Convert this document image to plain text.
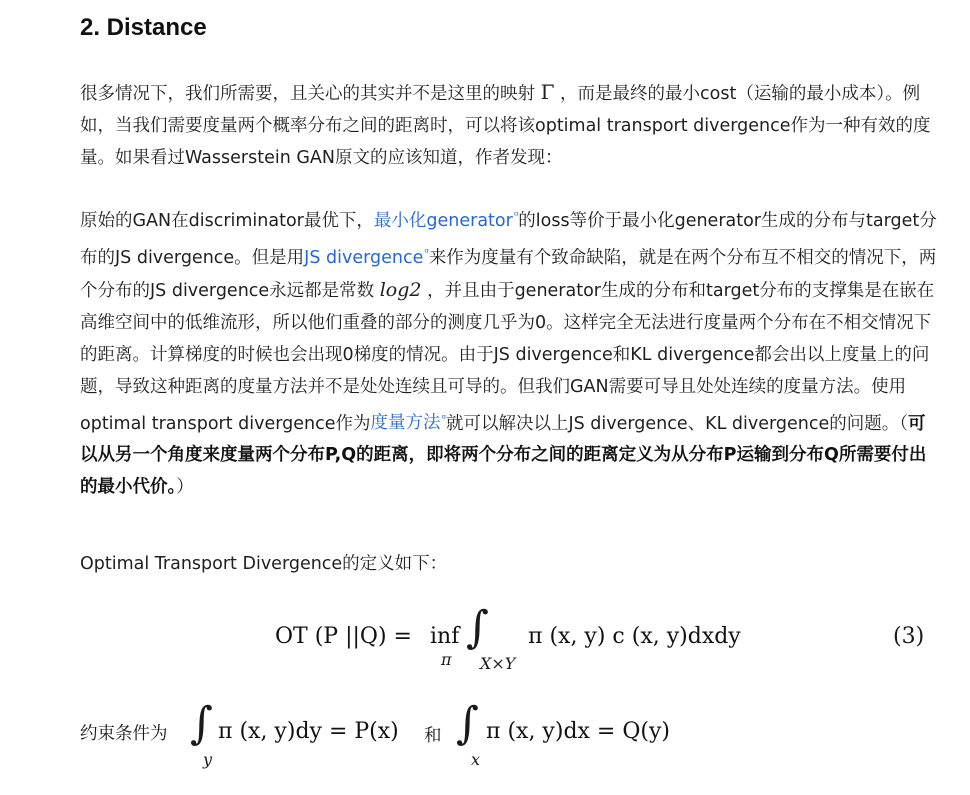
2. Distance

很多情况下，我们所需要，且关心的其实并不是这里的映射 Γ ，而是最终的最小cost（运输的最小成本）。例如，当我们需要度量两个概率分布之间的距离时，可以将该optimal transport divergence作为一种有效的度量。如果看过Wasserstein GAN原文的应该知道，作者发现：

原始的GAN在discriminator最优下，最小化generator$^ᵅ$的loss等价于最小化generator生成的分布与target分布的JS divergence。但是用JS divergence$^ᵅ$来作为度量有个致命缺陷，就是在两个分布互不相交的情况下，两个分布的JS divergence永远都是常数 log2 ，并且由于generator生成的分布和target分布的支撑集是在嵌在高维空间中的低维流形，所以他们重叠的部分的测度几乎为0。这样完全无法进行度量两个分布在不相交情况下的距离。计算梯度的时候也会出现0梯度的情况。由于JS divergence和KL divergence都会出以上度量上的问题，导致这种距离的度量方法并不是处处连续且可导的。但我们GAN需要可导且处处连续的度量方法。使用optimal transport divergence作为度量方法$^ᵅ$就可以解决以上JS divergence、KL divergence的问题。（可以从另一个角度来度量两个分布P,Q的距离，即将两个分布之间的距离定义为从分布P运输到分布Q所需要付出的最小代价。）

Optimal Transport Divergence的定义如下：

OT (P ||Q) = inf
π
∫
X×Y
π (x, y) c (x, y)dxdy	(3)
约束条件为 ∫
y
π (x, y)dy = P(x) 和 ∫
x
π (x, y)dx = Q(y)
